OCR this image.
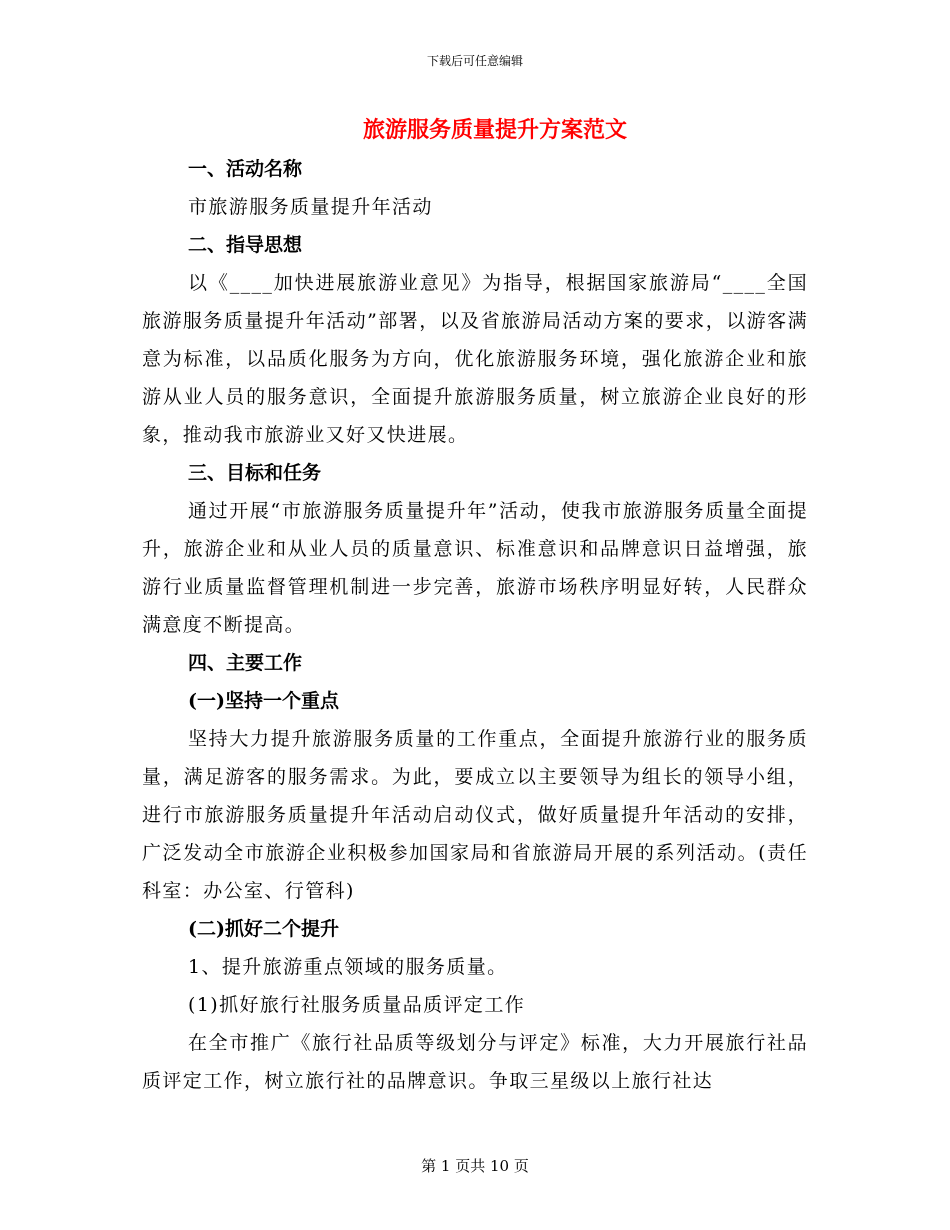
下载后可任意编辑
旅游服务质量提升方案范文
一、活动名称
市旅游服务质量提升年活动
二、指导思想
以《____加快进展旅游业意见》为指导，根据国家旅游局“____全国旅游服务质量提升年活动”部署，以及省旅游局活动方案的要求，以游客满意为标准，以品质化服务为方向，优化旅游服务环境，强化旅游企业和旅游从业人员的服务意识，全面提升旅游服务质量，树立旅游企业良好的形象，推动我市旅游业又好又快进展。
三、目标和任务
通过开展“市旅游服务质量提升年”活动，使我市旅游服务质量全面提升，旅游企业和从业人员的质量意识、标准意识和品牌意识日益增强，旅游行业质量监督管理机制进一步完善，旅游市场秩序明显好转，人民群众满意度不断提高。
四、主要工作
(一)坚持一个重点
坚持大力提升旅游服务质量的工作重点，全面提升旅游行业的服务质量，满足游客的服务需求。为此，要成立以主要领导为组长的领导小组，进行市旅游服务质量提升年活动启动仪式，做好质量提升年活动的安排，广泛发动全市旅游企业积极参加国家局和省旅游局开展的系列活动。(责任科室：办公室、行管科)
(二)抓好二个提升
1、提升旅游重点领域的服务质量。
(1)抓好旅行社服务质量品质评定工作
在全市推广《旅行社品质等级划分与评定》标准，大力开展旅行社品质评定工作，树立旅行社的品牌意识。争取三星级以上旅行社达
第 1 页共 10 页
